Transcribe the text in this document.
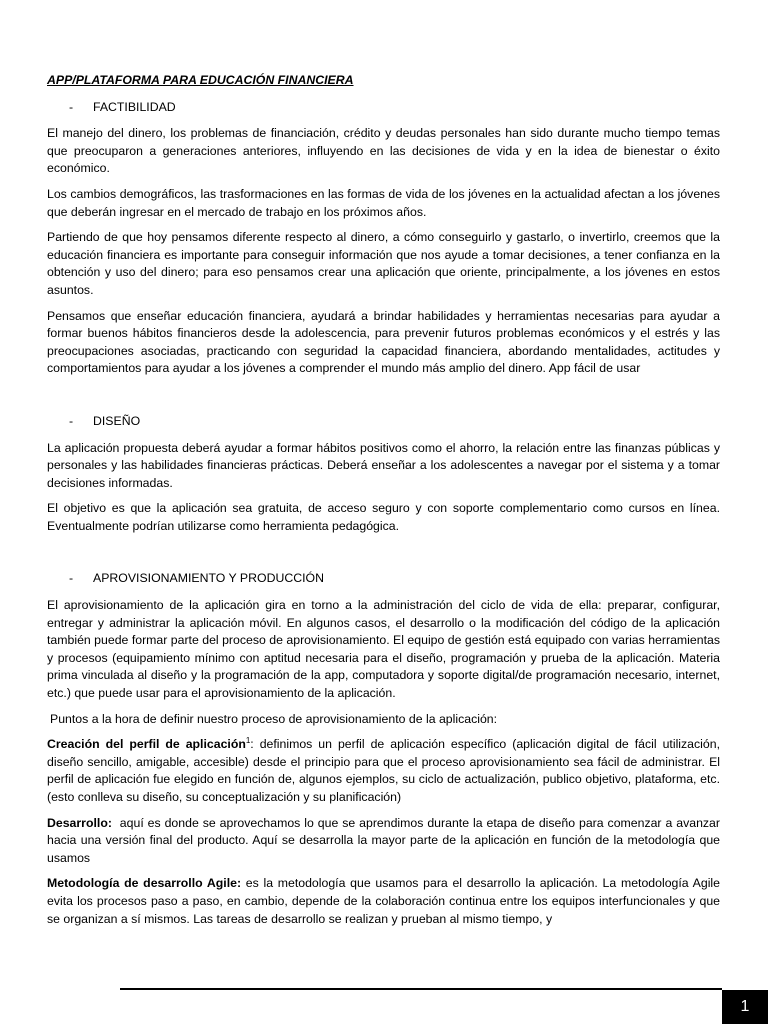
APP/PLATAFORMA PARA EDUCACIÓN FINANCIERA
-	FACTIBILIDAD

El manejo del dinero, los problemas de financiación, crédito y deudas personales han sido durante mucho tiempo temas que preocuparon a generaciones anteriores, influyendo en las decisiones de vida y en la idea de bienestar o éxito económico.

Los cambios demográficos, las trasformaciones en las formas de vida de los jóvenes en la actualidad afectan a los jóvenes que deberán ingresar en el mercado de trabajo en los próximos años.

Partiendo de que hoy pensamos diferente respecto al dinero, a cómo conseguirlo y gastarlo, o invertirlo, creemos que la educación financiera es importante para conseguir información que nos ayude a tomar decisiones, a tener confianza en la obtención y uso del dinero; para eso pensamos crear una aplicación que oriente, principalmente, a los jóvenes en estos asuntos.

Pensamos que enseñar educación financiera, ayudará a brindar habilidades y herramientas necesarias para ayudar a formar buenos hábitos financieros desde la adolescencia, para prevenir futuros problemas económicos y el estrés y las preocupaciones asociadas, practicando con seguridad la capacidad financiera, abordando mentalidades, actitudes y comportamientos para ayudar a los jóvenes a comprender el mundo más amplio del dinero. App fácil de usar

-	DISEÑO

La aplicación propuesta deberá ayudar a formar hábitos positivos como el ahorro, la relación entre las finanzas públicas y personales y las habilidades financieras prácticas. Deberá enseñar a los adolescentes a navegar por el sistema y a tomar decisiones informadas.

El objetivo es que la aplicación sea gratuita, de acceso seguro y con soporte complementario como cursos en línea. Eventualmente podrían utilizarse como herramienta pedagógica.

-	APROVISIONAMIENTO Y PRODUCCIÓN

El aprovisionamiento de la aplicación gira en torno a la administración del ciclo de vida de ella: preparar, configurar, entregar y administrar la aplicación móvil. En algunos casos, el desarrollo o la modificación del código de la aplicación también puede formar parte del proceso de aprovisionamiento. El equipo de gestión está equipado con varias herramientas y procesos (equipamiento mínimo con aptitud necesaria para el diseño, programación y prueba de la aplicación. Materia prima vinculada al diseño y la programación de la app, computadora y soporte digital/de programación necesario, internet, etc.) que puede usar para el aprovisionamiento de la aplicación.

Puntos a la hora de definir nuestro proceso de aprovisionamiento de la aplicación:

Creación del perfil de aplicación$^1$: definimos un perfil de aplicación específico (aplicación digital de fácil utilización, diseño sencillo, amigable, accesible) desde el principio para que el proceso aprovisionamiento sea fácil de administrar. El perfil de aplicación fue elegido en función de, algunos ejemplos, su ciclo de actualización, publico objetivo, plataforma, etc. (esto conlleva su diseño, su conceptualización y su planificación)

Desarrollo:  aquí es donde se aprovechamos lo que se aprendimos durante la etapa de diseño para comenzar a avanzar hacia una versión final del producto. Aquí se desarrolla la mayor parte de la aplicación en función de la metodología que usamos

Metodología de desarrollo Agile: es la metodología que usamos para el desarrollo la aplicación. La metodología Agile evita los procesos paso a paso, en cambio, depende de la colaboración continua entre los equipos interfuncionales y que se organizan a sí mismos. Las tareas de desarrollo se realizan y prueban al mismo tiempo, y

1
